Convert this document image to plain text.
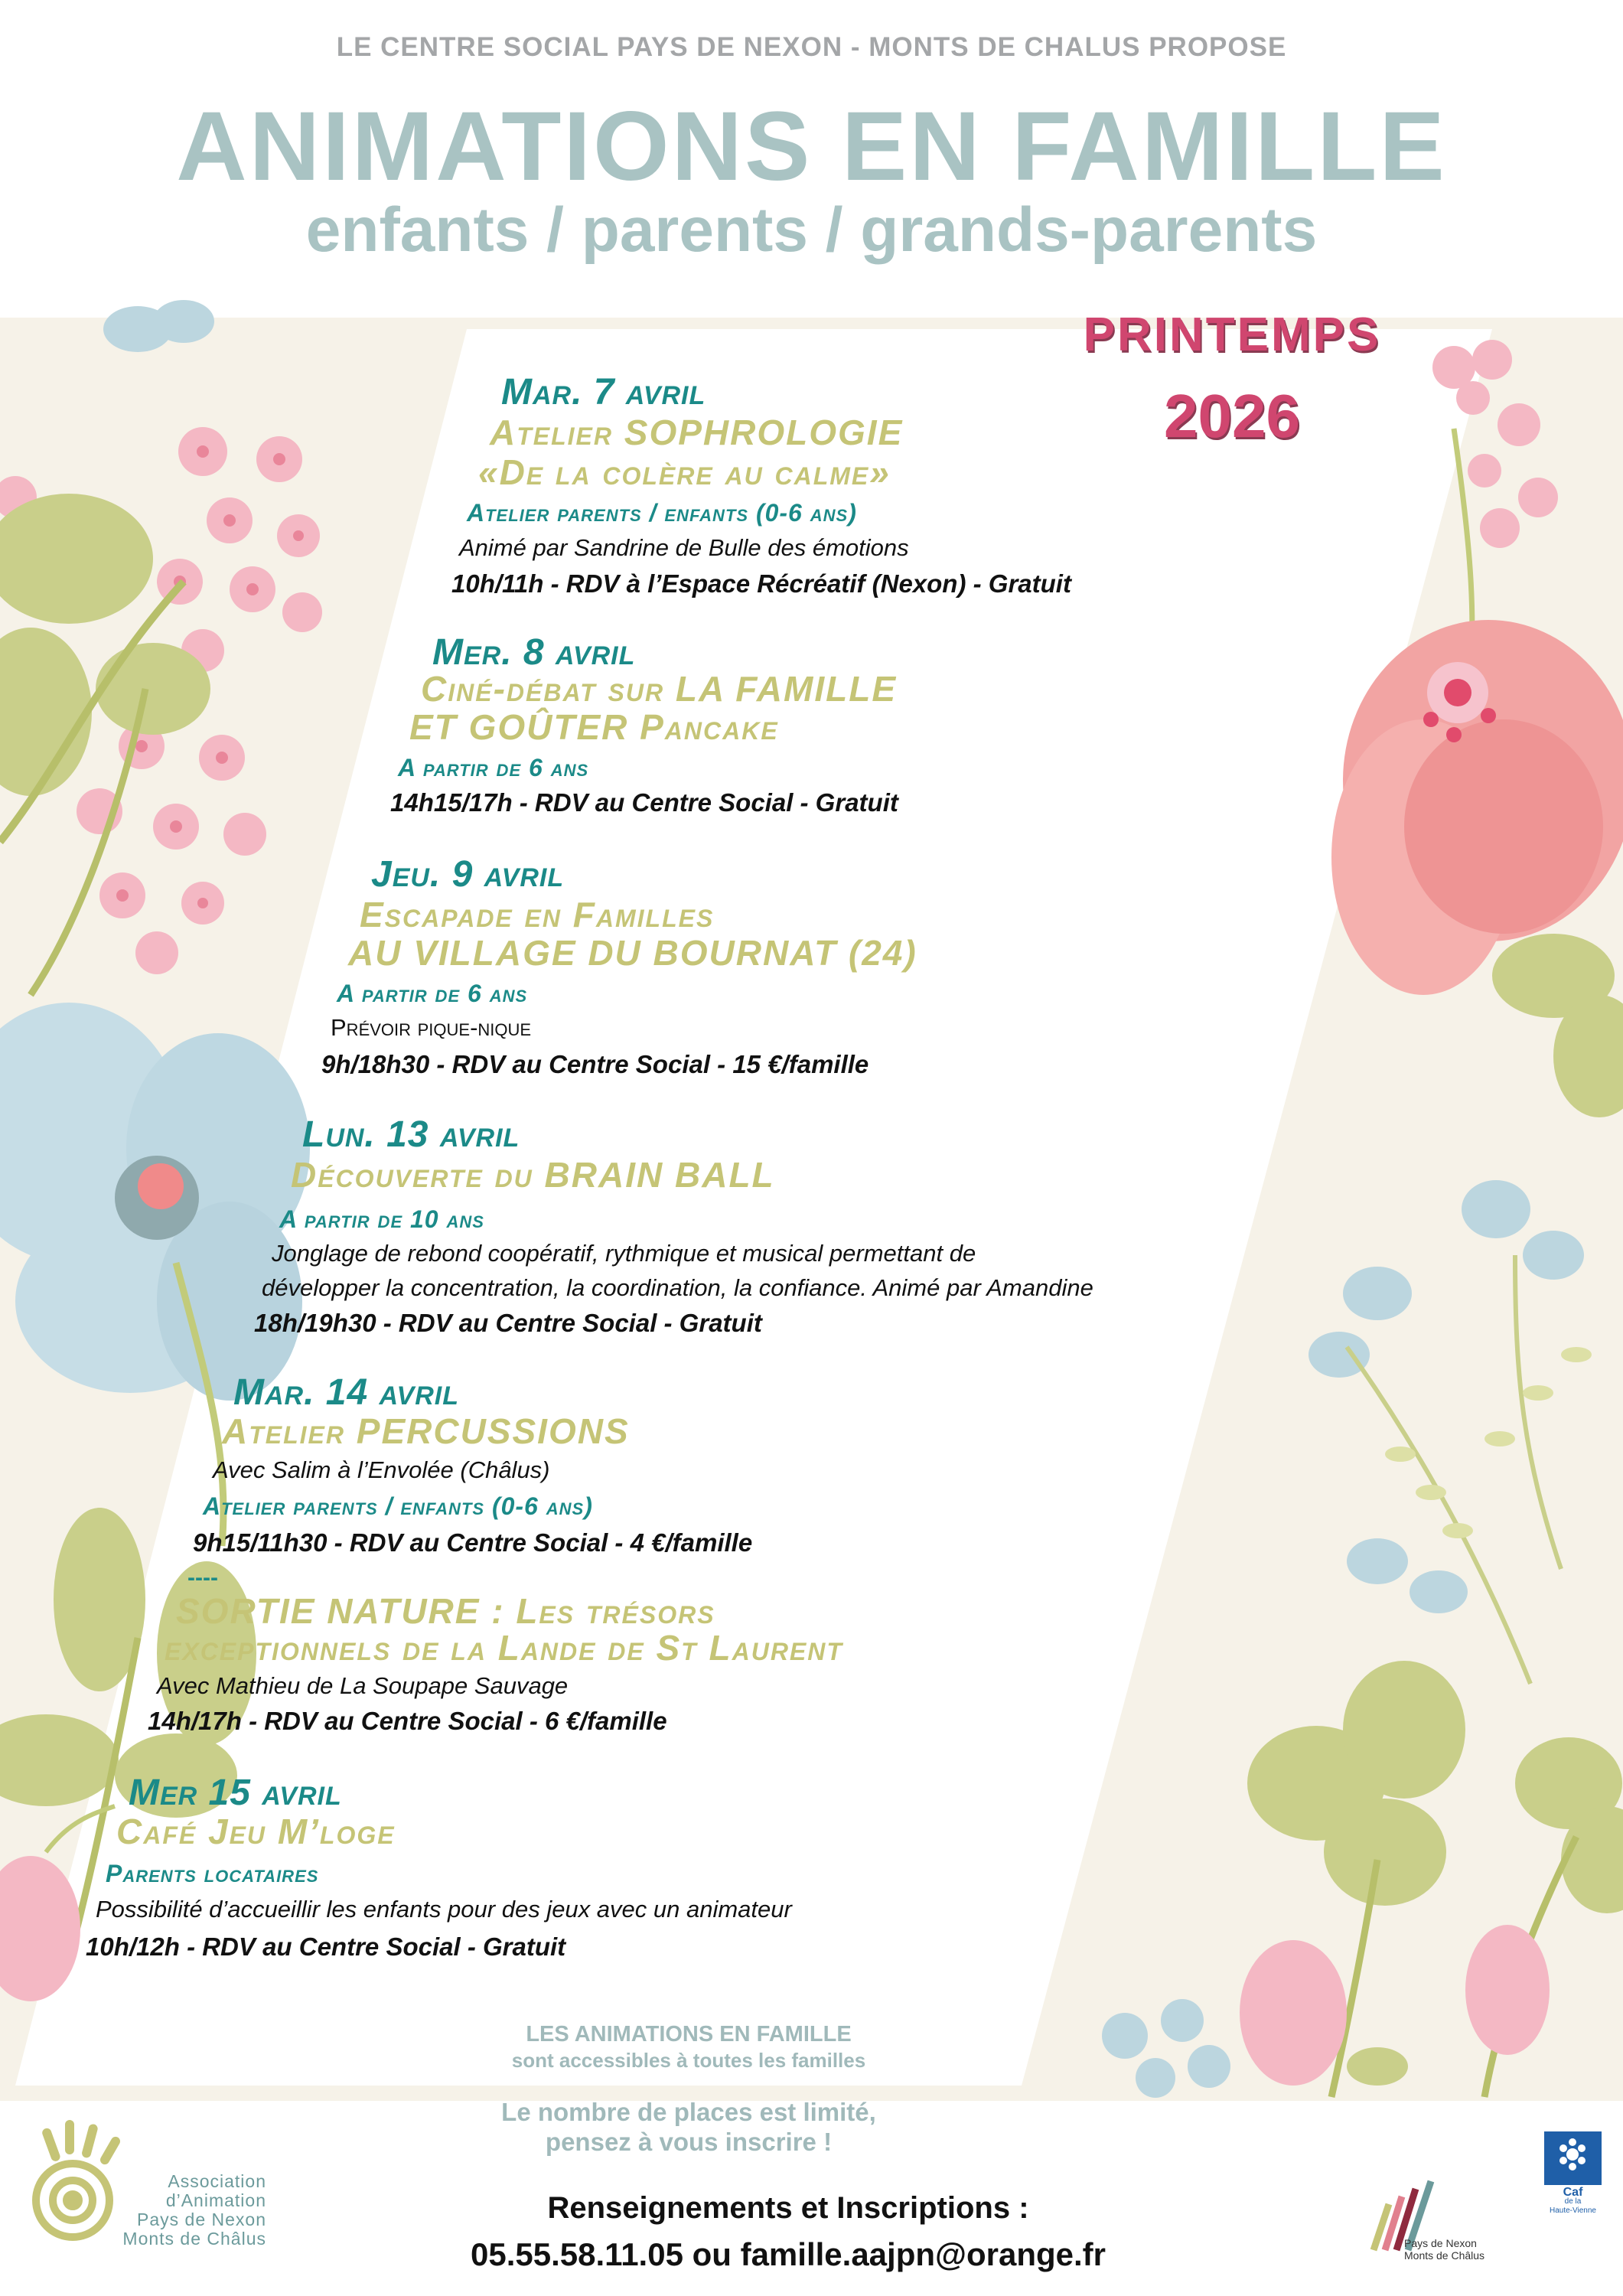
LE CENTRE SOCIAL PAYS DE NEXON - MONTS DE CHALUS PROPOSE
ANIMATIONS EN FAMILLE
enfants / parents / grands-parents
PRINTEMPS
2026
Mar. 7 avril
Atelier SOPHROLOGIE
«De la colère au calme»
Atelier parents / enfants (0-6 ans)
Animé par Sandrine de Bulle des émotions
10h/11h - RDV à l’Espace Récréatif (Nexon) - Gratuit
Mer. 8 avril
Ciné-débat sur LA FAMILLE
ET GOÛTER Pancake
A partir de 6 ans
14h15/17h - RDV au Centre Social - Gratuit
Jeu. 9 avril
Escapade en Familles
AU VILLAGE DU BOURNAT (24)
A partir de 6 ans
Prévoir pique-nique
9h/18h30 - RDV au Centre Social - 15 €/famille
Lun. 13 avril
Découverte du BRAIN BALL
A partir de 10 ans
Jonglage de rebond coopératif, rythmique et musical permettant de
développer la concentration, la coordination, la confiance. Animé par Amandine
18h/19h30 - RDV au Centre Social - Gratuit
Mar. 14 avril
Atelier PERCUSSIONS
Avec Salim à l’Envolée (Châlus)
Atelier parents / enfants (0-6 ans)
9h15/11h30 - RDV au Centre Social - 4 €/famille
----
SORTIE NATURE : Les trésors
exceptionnels de la Lande de St Laurent
Avec Mathieu de La Soupape Sauvage
14h/17h - RDV au Centre Social - 6 €/famille
Mer 15 avril
Café Jeu M’loge
Parents locataires
Possibilité d’accueillir les enfants pour des jeux avec un animateur
10h/12h - RDV au Centre Social - Gratuit
LES ANIMATIONS EN FAMILLE
sont accessibles à toutes les familles
Le nombre de places est limité,
pensez à vous inscrire !
Renseignements et Inscriptions :
05.55.58.11.05 ou famille.aajpn@orange.fr
Association
d’Animation
Pays de Nexon
Monts de Châlus	Pays de Nexon
Monts de Châlus
Caf
de la
Haute-Vienne
